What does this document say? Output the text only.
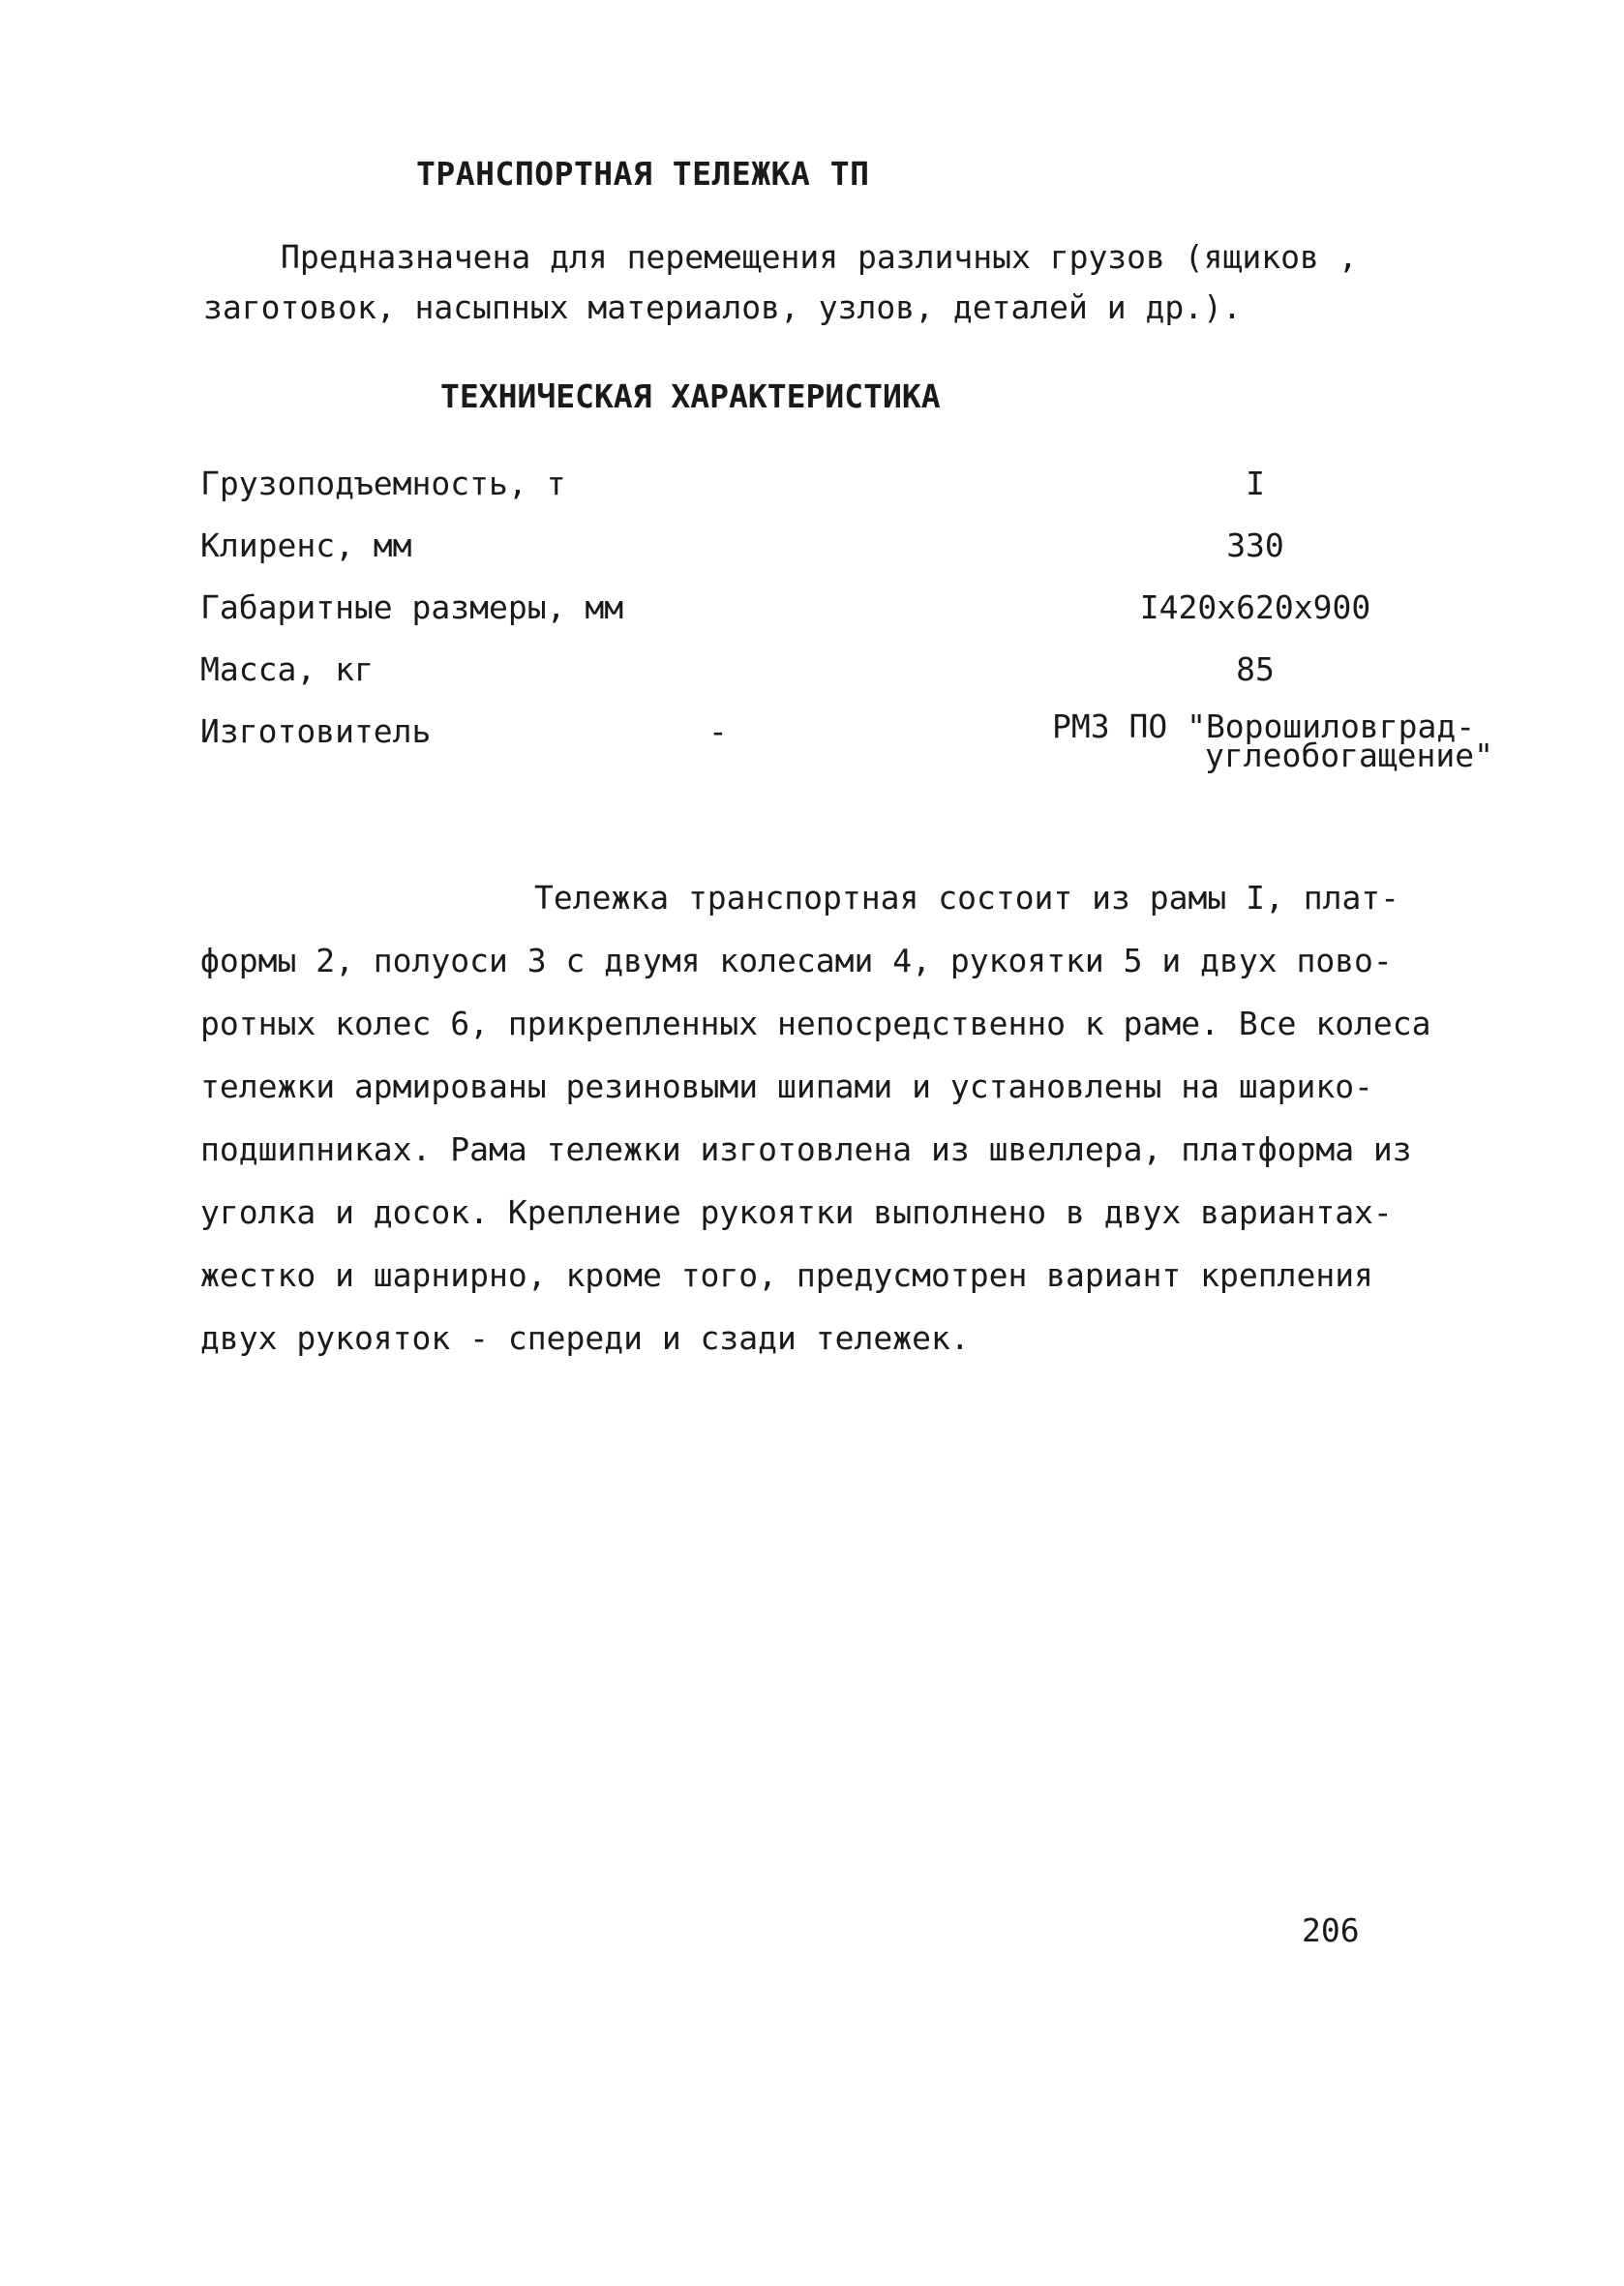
ТРАНСПОРТНАЯ ТЕЛЕЖКА ТП
Предназначена для перемещения различных грузов (ящиков ,
заготовок, насыпных материалов, узлов, деталей и др.).
ТЕХНИЧЕСКАЯ ХАРАКТЕРИСТИКА
Грузоподъемность, т	I
Клиренс, мм	330
Габаритные размеры, мм	I420x620x900
Масса, кг	85
Изготовитель	-	РМЗ ПО "Ворошиловград-
углеобогащение"
Тележка транспортная состоит из рамы I, плат-
формы 2, полуоси 3 с двумя колесами 4, рукоятки 5 и двух пово-
ротных колес 6, прикрепленных непосредственно к раме. Все колеса
тележки армированы резиновыми шипами и установлены на шарико-
подшипниках. Рама тележки изготовлена из швеллера, платформа из
уголка и досок. Крепление рукоятки выполнено в двух вариантах-
жестко и шарнирно, кроме того, предусмотрен вариант крепления
двух рукояток - спереди и сзади тележек.
206
